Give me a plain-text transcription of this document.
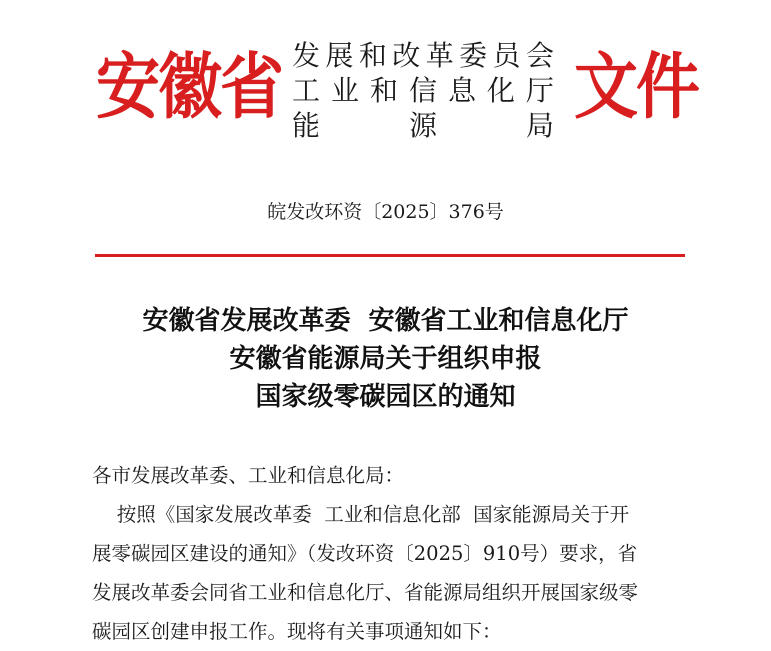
安徽省 发 展 和 改 革 委 员 会
工 业 和 信 息 化 厅
能	源	局 文件
皖发改环资〔2025〕376号
安徽省发展改革委  安徽省工业和信息化厅
安徽省能源局关于组织申报
国家级零碳园区的通知
各市发展改革委、工业和信息化局：
按照《国家发展改革委  工业和信息化部  国家能源局关于开
展零碳园区建设的通知》（发改环资〔2025〕910号）要求，省
发展改革委会同省工业和信息化厅、省能源局组织开展国家级零
碳园区创建申报工作。现将有关事项通知如下：
